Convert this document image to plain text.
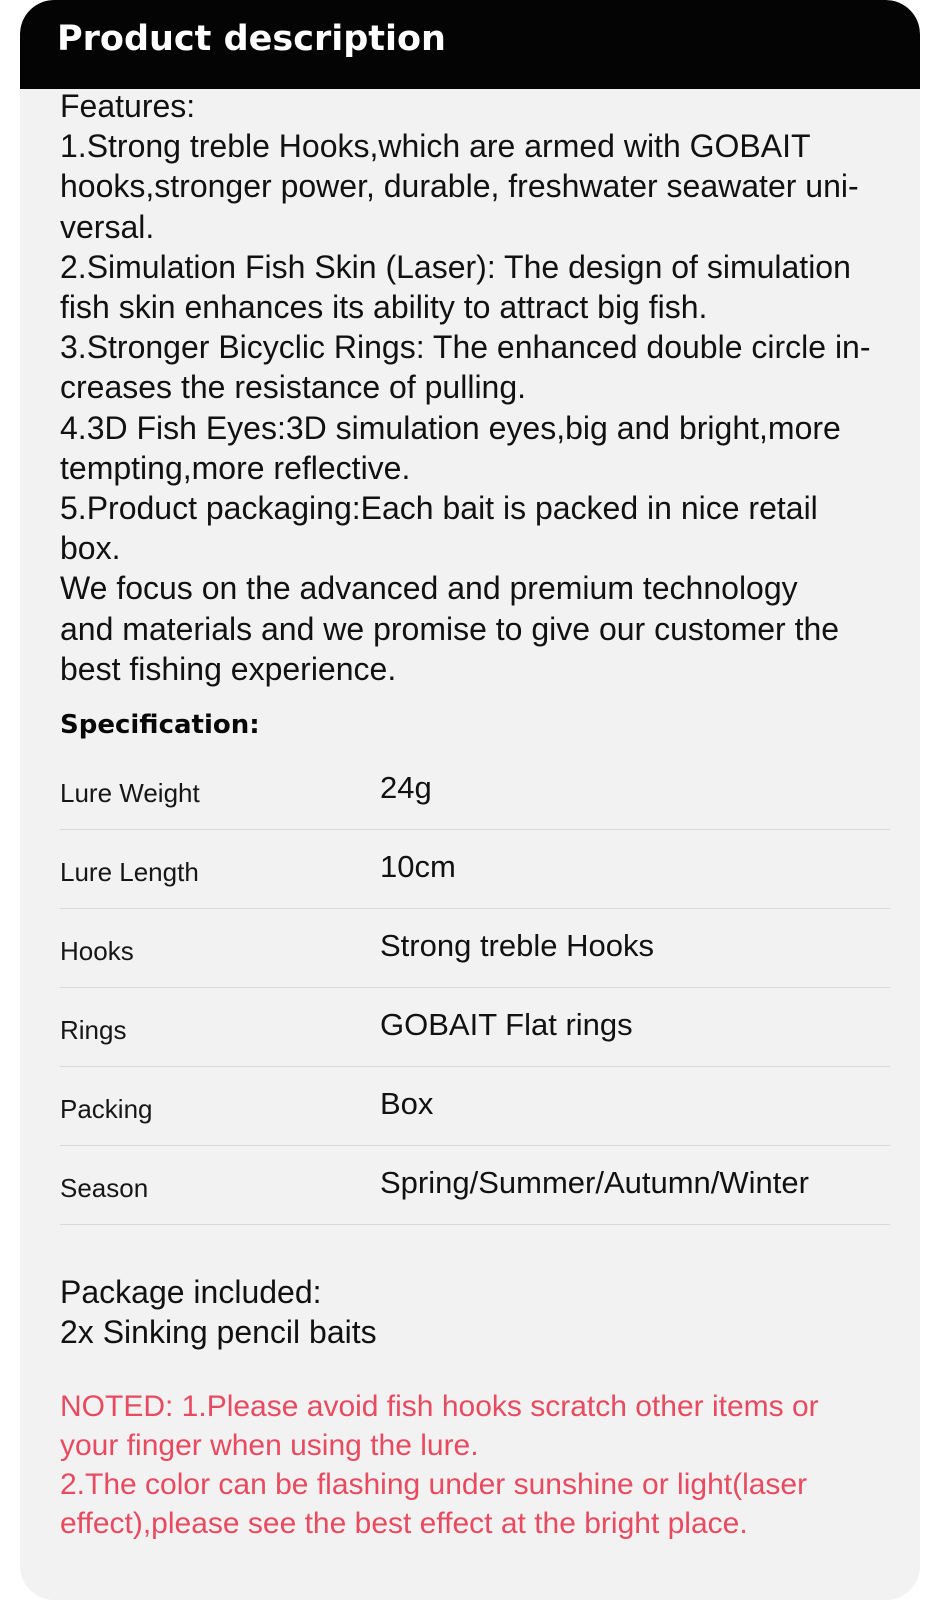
Product description
Features:
1.Strong treble Hooks,which are armed with GOBAIT
hooks,stronger power, durable, freshwater seawater uni-
versal.
2.Simulation Fish Skin (Laser): The design of simulation
fish skin enhances its ability to attract big fish.
3.Stronger Bicyclic Rings: The enhanced double circle in-
creases the resistance of pulling.
4.3D Fish Eyes:3D simulation eyes,big and bright,more
tempting,more reflective.
5.Product packaging:Each bait is packed in nice retail
box.
We focus on the advanced and premium technology
and materials and we promise to give our customer the
best fishing experience.
Specification:
Lure Weight	24g
Lure Length	10cm
Hooks	Strong treble Hooks
Rings	GOBAIT Flat rings
Packing	Box
Season	Spring/Summer/Autumn/Winter
Package included:
2x Sinking pencil baits
NOTED: 1.Please avoid fish hooks scratch other items or
your finger when using the lure.
2.The color can be flashing under sunshine or light(laser
effect),please see the best effect at the bright place.
